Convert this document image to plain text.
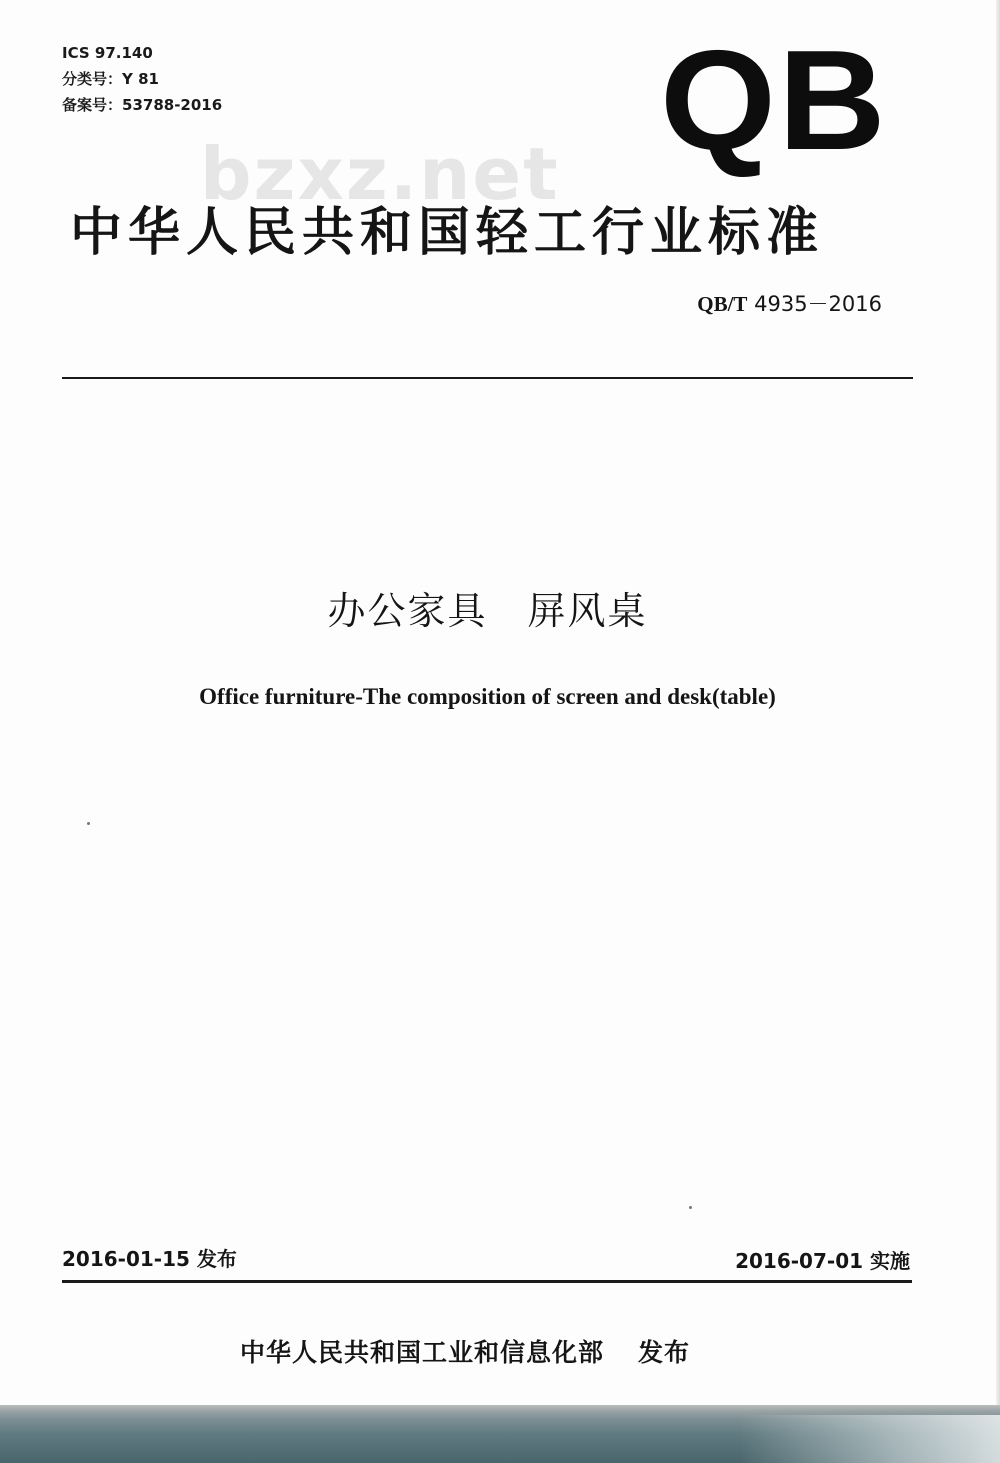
ICS 97.140
分类号：Y 81
备案号：53788-2016	QB
bzxz.net
中华人民共和国轻工行业标准
QB/T 4935－2016
办公家具　屏风桌
Office furniture-The composition of screen and desk(table)
2016-01-15 发布	2016-07-01 实施
中华人民共和国工业和信息化部 发布
